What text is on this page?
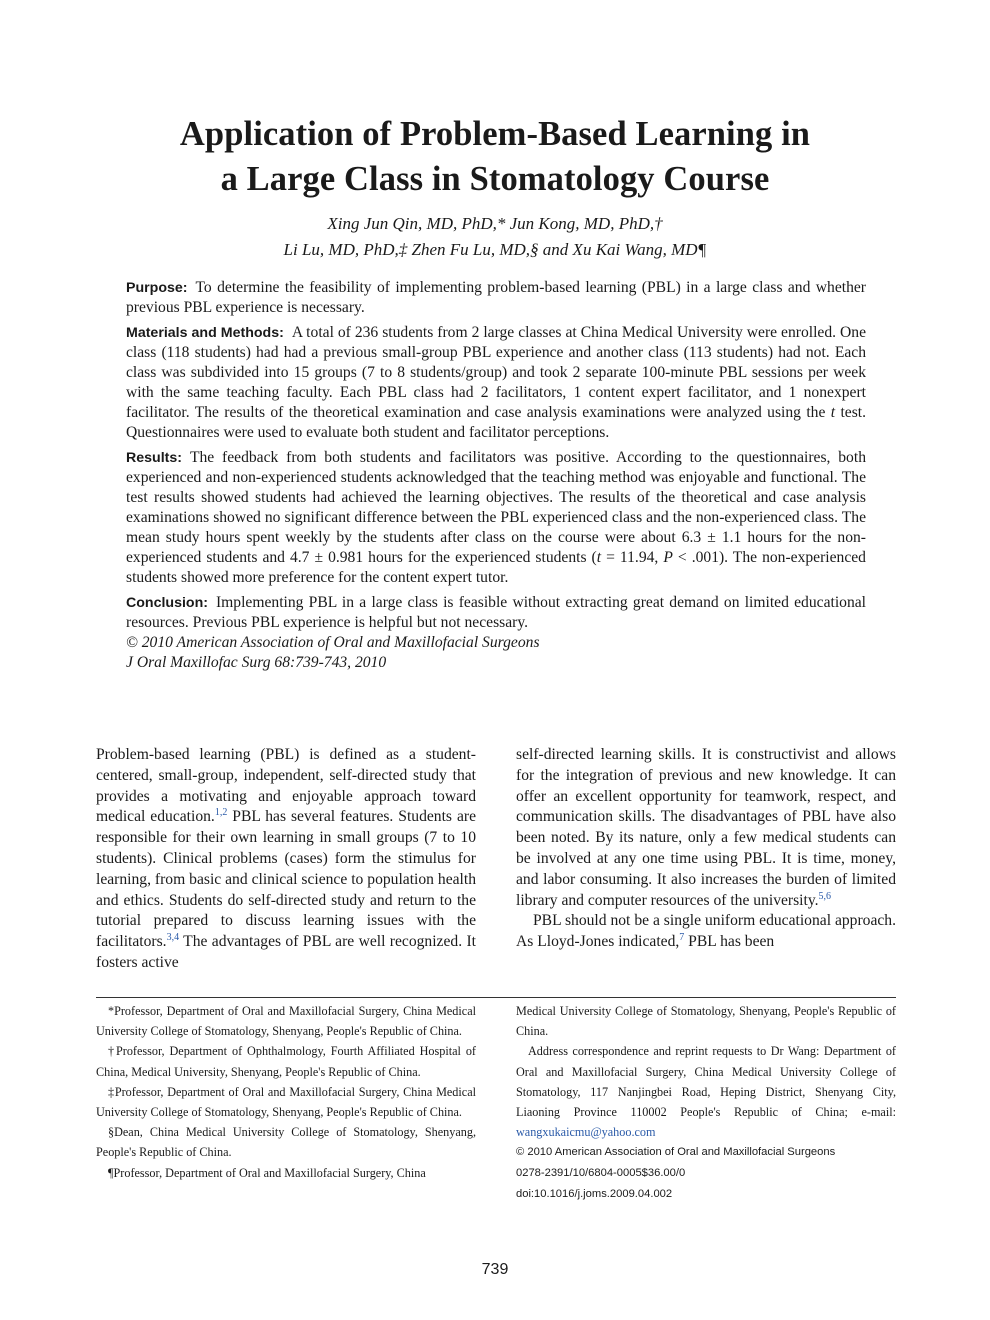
Application of Problem-Based Learning in
a Large Class in Stomatology Course
Xing Jun Qin, MD, PhD,* Jun Kong, MD, PhD,†
Li Lu, MD, PhD,‡ Zhen Fu Lu, MD,§ and Xu Kai Wang, MD¶

Purpose: To determine the feasibility of implementing problem-based learning (PBL) in a large class and whether previous PBL experience is necessary.

Materials and Methods: A total of 236 students from 2 large classes at China Medical University were enrolled. One class (118 students) had had a previous small-group PBL experience and another class (113 students) had not. Each class was subdivided into 15 groups (7 to 8 students/group) and took 2 separate 100-minute PBL sessions per week with the same teaching faculty. Each PBL class had 2 facilitators, 1 content expert facilitator, and 1 nonexpert facilitator. The results of the theoretical examination and case analysis examinations were analyzed using the t test. Questionnaires were used to evaluate both student and facilitator perceptions.

Results: The feedback from both students and facilitators was positive. According to the questionnaires, both experienced and non-experienced students acknowledged that the teaching method was enjoyable and functional. The test results showed students had achieved the learning objectives. The results of the theoretical and case analysis examinations showed no significant difference between the PBL experienced class and the non-experienced class. The mean study hours spent weekly by the students after class on the course were about 6.3 ± 1.1 hours for the non-experienced students and 4.7 ± 0.981 hours for the experienced students (t = 11.94, P < .001). The non-experienced students showed more preference for the content expert tutor.

Conclusion: Implementing PBL in a large class is feasible without extracting great demand on limited educational resources. Previous PBL experience is helpful but not necessary.

© 2010 American Association of Oral and Maxillofacial Surgeons

J Oral Maxillofac Surg 68:739-743, 2010

Problem-based learning (PBL) is defined as a student-centered, small-group, independent, self-directed study that provides a motivating and enjoyable approach toward medical education.$^{1,2}$ PBL has several features. Students are responsible for their own learning in small groups (7 to 10 students). Clinical problems (cases) form the stimulus for learning, from basic and clinical science to population health and ethics. Students do self-directed study and return to the tutorial prepared to discuss learning issues with the facilitators.$^{3,4}$ The advantages of PBL are well recognized. It fosters active

self-directed learning skills. It is constructivist and allows for the integration of previous and new knowledge. It can offer an excellent opportunity for teamwork, respect, and communication skills. The disadvantages of PBL have also been noted. By its nature, only a few medical students can be involved at any one time using PBL. It is time, money, and labor consuming. It also increases the burden of limited library and computer resources of the university.$^{5,6}$

PBL should not be a single uniform educational approach. As Lloyd-Jones indicated,$^7$ PBL has been

*Professor, Department of Oral and Maxillofacial Surgery, China Medical University College of Stomatology, Shenyang, People's Republic of China.

†Professor, Department of Ophthalmology, Fourth Affiliated Hospital of China, Medical University, Shenyang, People's Republic of China.

‡Professor, Department of Oral and Maxillofacial Surgery, China Medical University College of Stomatology, Shenyang, People's Republic of China.

§Dean, China Medical University College of Stomatology, Shenyang, People's Republic of China.

¶Professor, Department of Oral and Maxillofacial Surgery, China

Medical University College of Stomatology, Shenyang, People's Republic of China.

Address correspondence and reprint requests to Dr Wang: Department of Oral and Maxillofacial Surgery, China Medical University College of Stomatology, 117 Nanjingbei Road, Heping District, Shenyang City, Liaoning Province 110002 People's Republic of China; e-mail: wangxukaicmu@yahoo.com

© 2010 American Association of Oral and Maxillofacial Surgeons

0278-2391/10/6804-0005$36.00/0

doi:10.1016/j.joms.2009.04.002

739
